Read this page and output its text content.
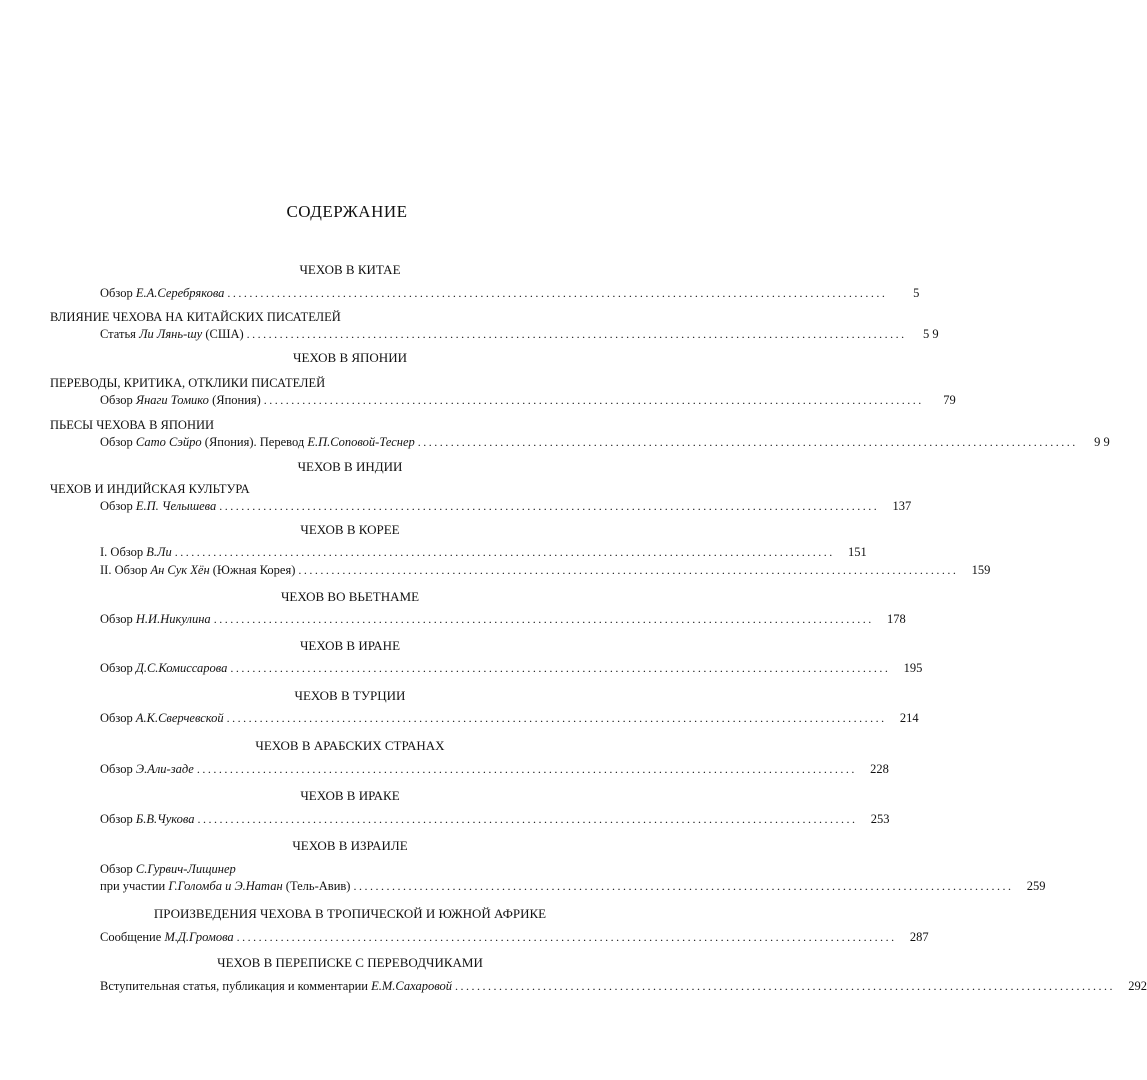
СОДЕРЖАНИЕ
ЧЕХОВ В КИТАЕ
Обзор Е.А.Серебрякова ........................................................................................................................	5
ВЛИЯНИЕ ЧЕХОВА НА КИТАЙСКИХ ПИСАТЕЛЕЙ
Статья Ли Лянь-шу (США) ........................................................................................................................	5 9
ЧЕХОВ В ЯПОНИИ
ПЕРЕВОДЫ, КРИТИКА, ОТКЛИКИ ПИСАТЕЛЕЙ
Обзор Янаги Томико (Япония) ........................................................................................................................	79
ПЬЕСЫ ЧЕХОВА В ЯПОНИИ
Обзор Сато Сэйро (Япония). Перевод Е.П.Соповой-Теснер ........................................................................................................................	9 9
ЧЕХОВ В ИНДИИ
ЧЕХОВ И ИНДИЙСКАЯ КУЛЬТУРА
Обзор Е.П. Челышева ........................................................................................................................	137
ЧЕХОВ В КОРЕЕ
I. Обзор В.Ли ........................................................................................................................	151
II. Обзор Ан Сук Хён (Южная Корея) ........................................................................................................................	159
ЧЕХОВ ВО ВЬЕТНАМЕ
Обзор Н.И.Никулина ........................................................................................................................	178
ЧЕХОВ В ИРАНЕ
Обзор Д.С.Комиссарова ........................................................................................................................	195
ЧЕХОВ В ТУРЦИИ
Обзор А.К.Сверчевской ........................................................................................................................	214
ЧЕХОВ В АРАБСКИХ СТРАНАХ
Обзор Э.Али-заде ........................................................................................................................	228
ЧЕХОВ В ИРАКЕ
Обзор Б.В.Чукова ........................................................................................................................	253
ЧЕХОВ В ИЗРАИЛЕ
Обзор С.Гурвич-Лищинер
при участии Г.Голомба и Э.Натан (Тель-Авив) ........................................................................................................................	259
ПРОИЗВЕДЕНИЯ ЧЕХОВА В ТРОПИЧЕСКОЙ И ЮЖНОЙ АФРИКЕ
Сообщение М.Д.Громова ........................................................................................................................	287
ЧЕХОВ В ПЕРЕПИСКЕ С ПЕРЕВОДЧИКАМИ
Вступительная статья, публикация и комментарии Е.М.Сахаровой ........................................................................................................................	292
